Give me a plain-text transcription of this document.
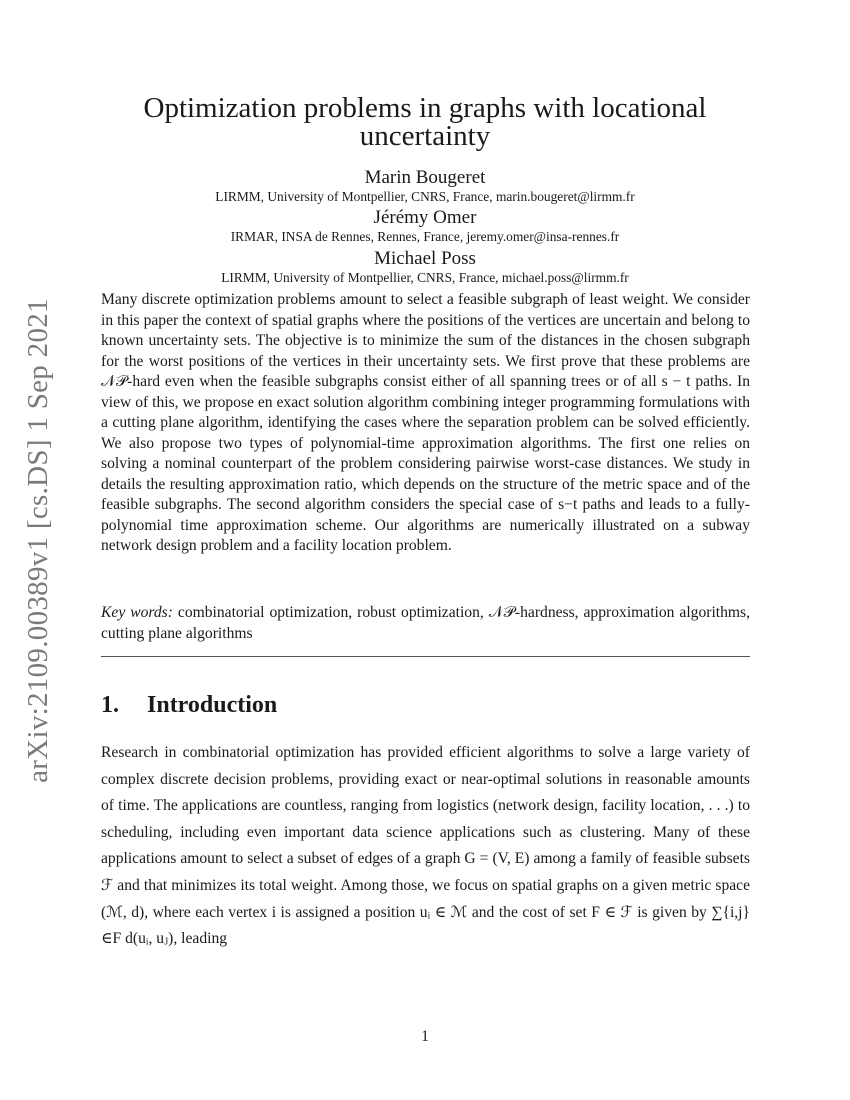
arXiv:2109.00389v1 [cs.DS] 1 Sep 2021
Optimization problems in graphs with locational uncertainty
Marin Bougeret
LIRMM, University of Montpellier, CNRS, France, marin.bougeret@lirmm.fr
Jérémy Omer
IRMAR, INSA de Rennes, Rennes, France, jeremy.omer@insa-rennes.fr
Michael Poss
LIRMM, University of Montpellier, CNRS, France, michael.poss@lirmm.fr
Many discrete optimization problems amount to select a feasible subgraph of least weight. We consider in this paper the context of spatial graphs where the positions of the vertices are uncertain and belong to known uncertainty sets. The objective is to minimize the sum of the distances in the chosen subgraph for the worst positions of the vertices in their uncertainty sets. We first prove that these problems are 𝒩𝒫-hard even when the feasible subgraphs consist either of all spanning trees or of all s − t paths. In view of this, we propose en exact solution algorithm combining integer programming formulations with a cutting plane algorithm, identifying the cases where the separation problem can be solved efficiently. We also propose two types of polynomial-time approximation algorithms. The first one relies on solving a nominal counterpart of the problem considering pairwise worst-case distances. We study in details the resulting approximation ratio, which depends on the structure of the metric space and of the feasible subgraphs. The second algorithm considers the special case of s−t paths and leads to a fully-polynomial time approximation scheme. Our algorithms are numerically illustrated on a subway network design problem and a facility location problem.
Key words: combinatorial optimization, robust optimization, 𝒩𝒫-hardness, approximation algorithms, cutting plane algorithms
1. Introduction
Research in combinatorial optimization has provided efficient algorithms to solve a large variety of complex discrete decision problems, providing exact or near-optimal solutions in reasonable amounts of time. The applications are countless, ranging from logistics (network design, facility location, . . .) to scheduling, including even important data science applications such as clustering. Many of these applications amount to select a subset of edges of a graph G = (V, E) among a family of feasible subsets ℱ and that minimizes its total weight. Among those, we focus on spatial graphs on a given metric space (ℳ, d), where each vertex i is assigned a position uᵢ ∈ ℳ and the cost of set F ∈ ℱ is given by ∑{i,j}∈F d(uᵢ, uⱼ), leading
1
